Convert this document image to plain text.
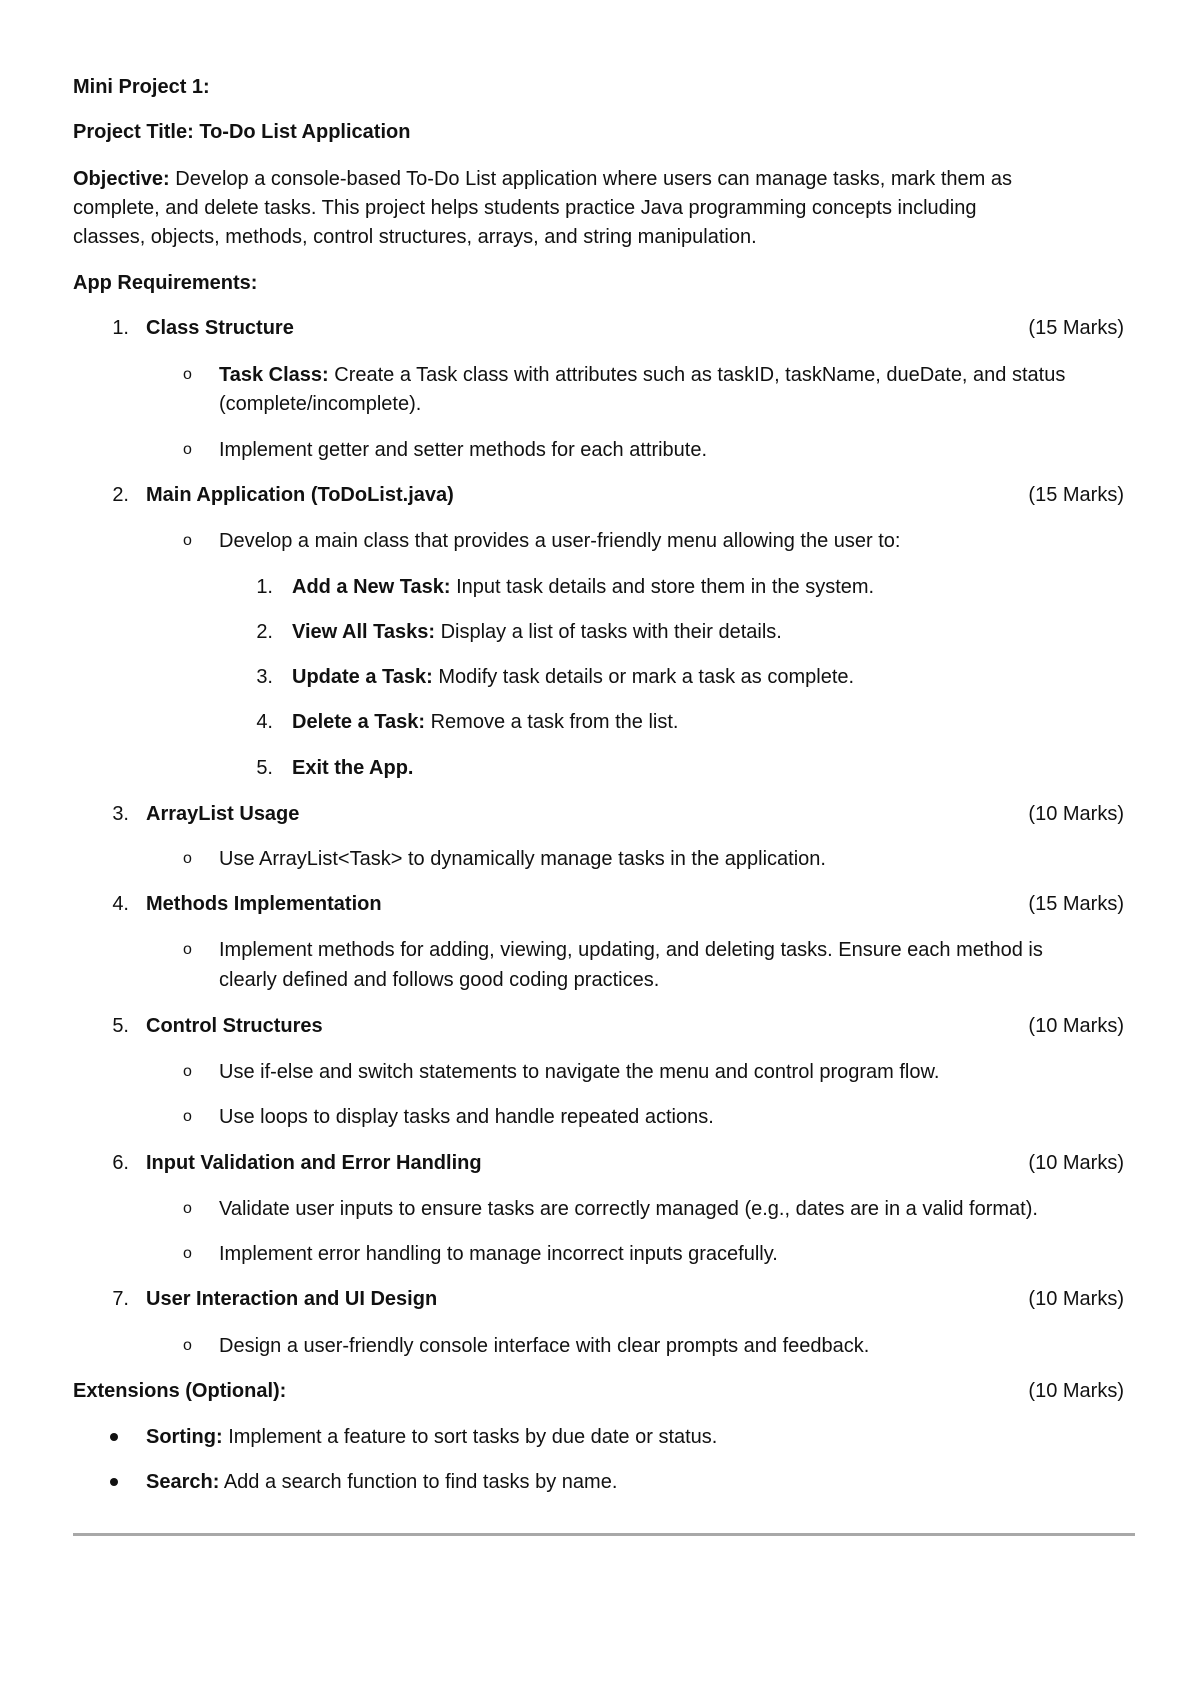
Mini Project 1:
Project Title: To-Do List Application
Objective: Develop a console-based To-Do List application where users can manage tasks, mark them as
complete, and delete tasks. This project helps students practice Java programming concepts including
classes, objects, methods, control structures, arrays, and string manipulation.
App Requirements:
1. Class Structure	(15 Marks)
o Task Class: Create a Task class with attributes such as taskID, taskName, dueDate, and status
(complete/incomplete).
o Implement getter and setter methods for each attribute.
2. Main Application (ToDoList.java)	(15 Marks)
o Develop a main class that provides a user-friendly menu allowing the user to:
1. Add a New Task: Input task details and store them in the system.
2. View All Tasks: Display a list of tasks with their details.
3. Update a Task: Modify task details or mark a task as complete.
4. Delete a Task: Remove a task from the list.
5. Exit the App.
3. ArrayList Usage	(10 Marks)
o Use ArrayList<Task> to dynamically manage tasks in the application.
4. Methods Implementation	(15 Marks)
o Implement methods for adding, viewing, updating, and deleting tasks. Ensure each method is
clearly defined and follows good coding practices.
5. Control Structures	(10 Marks)
o Use if-else and switch statements to navigate the menu and control program flow.
o Use loops to display tasks and handle repeated actions.
6. Input Validation and Error Handling	(10 Marks)
o Validate user inputs to ensure tasks are correctly managed (e.g., dates are in a valid format).
o Implement error handling to manage incorrect inputs gracefully.
7. User Interaction and UI Design	(10 Marks)
o Design a user-friendly console interface with clear prompts and feedback.
Extensions (Optional):	(10 Marks)
Sorting: Implement a feature to sort tasks by due date or status.
Search: Add a search function to find tasks by name.
